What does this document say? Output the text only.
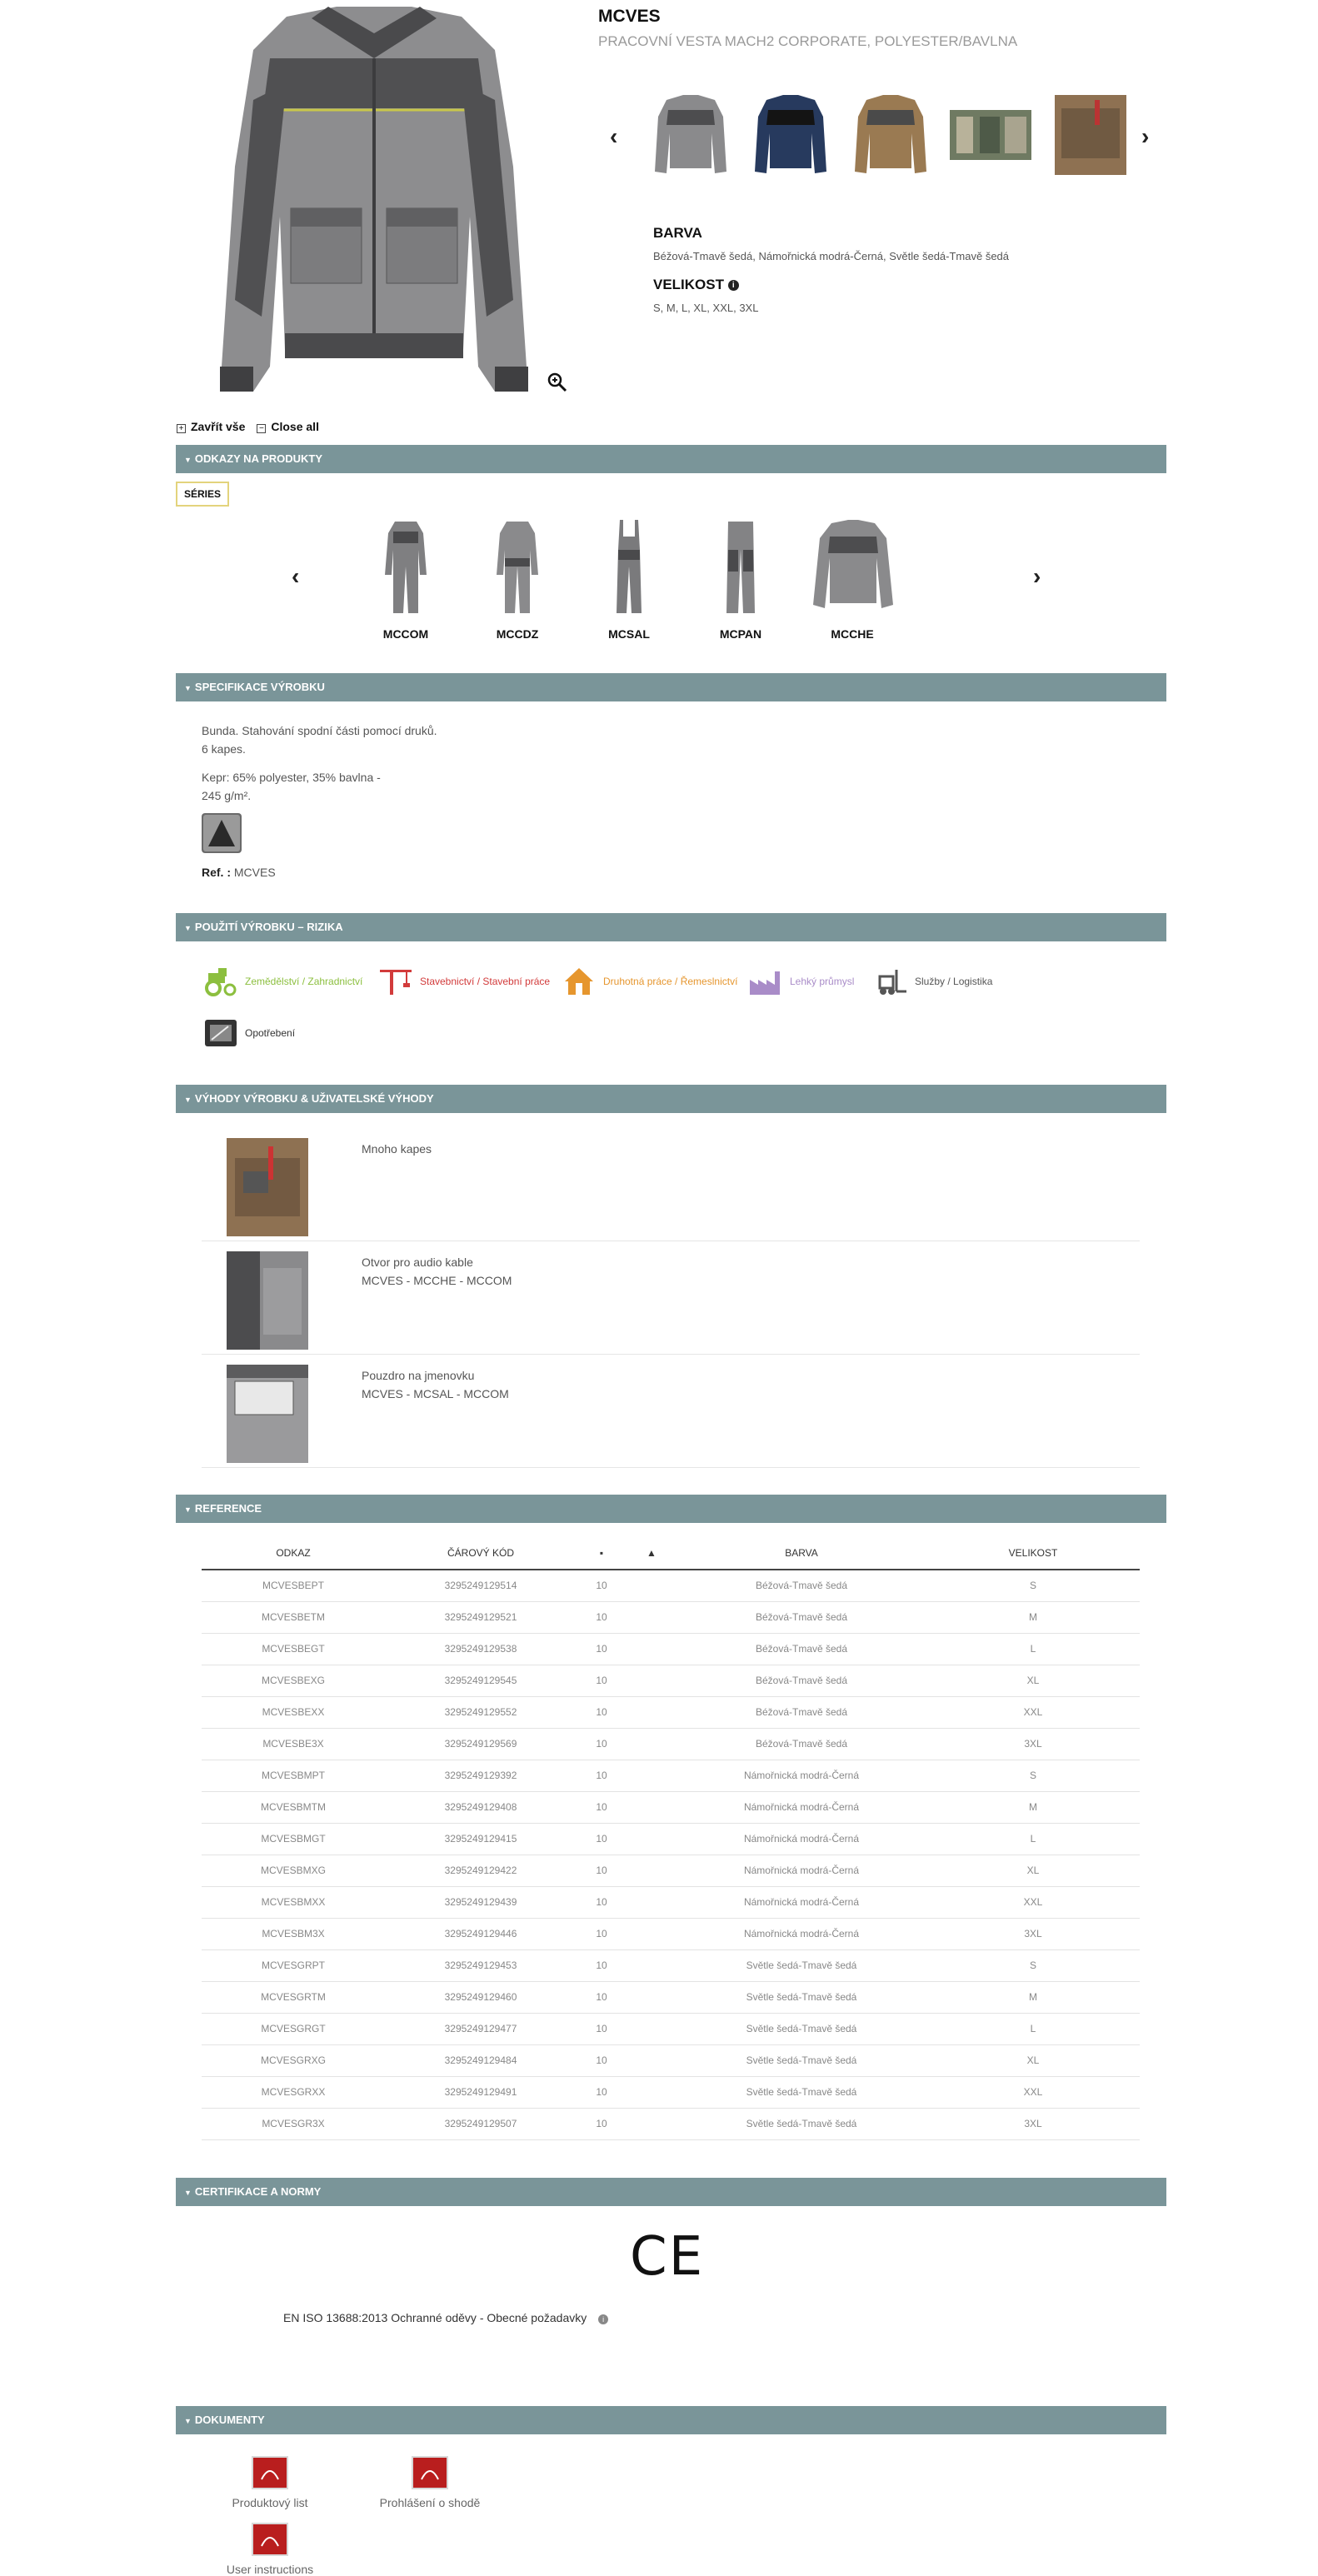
MCVES
PRACOVNÍ VESTA MACH2 CORPORATE, POLYESTER/BAVLNA
‹	›
BARVA
Béžová-Tmavě šedá, Námořnická modrá-Černá, Světle šedá-Tmavě šedá
VELIKOST i
S, M, L, XL, XXL, 3XL
+ Zavřít vše − Close all
▼ ODKAZY NA PRODUKTY
SÉRIES
‹
MCCOM	MCCDZ	MCSAL	MCPAN	MCCHE
›
▼ SPECIFIKACE VÝROBKU
Bunda. Stahování spodní části pomocí druků.
6 kapes.
Kepr: 65% polyester, 35% bavlna -
245 g/m².
Ref. : MCVES
▼ POUŽITÍ VÝROBKU – RIZIKA
Zemědělství / Zahradnictví	Stavebnictví / Stavební práce	Druhotná práce / Řemeslnictví	Lehký průmysl	Služby / Logistika
Opotřebení
▼ VÝHODY VÝROBKU & UŽIVATELSKÉ VÝHODY
Mnoho kapes
Otvor pro audio kable
MCVES - MCCHE - MCCOM
Pouzdro na jmenovku
MCVES - MCSAL - MCCOM
▼ REFERENCE
ODKAZ	ČÁROVÝ KÓD	▪	▲	BARVA	VELIKOST
MCVESBEPT	3295249129514	10		Béžová-Tmavě šedá	S
MCVESBETM	3295249129521	10		Béžová-Tmavě šedá	M
MCVESBEGT	3295249129538	10		Béžová-Tmavě šedá	L
MCVESBEXG	3295249129545	10		Béžová-Tmavě šedá	XL
MCVESBEXX	3295249129552	10		Béžová-Tmavě šedá	XXL
MCVESBE3X	3295249129569	10		Béžová-Tmavě šedá	3XL
MCVESBMPT	3295249129392	10		Námořnická modrá-Černá	S
MCVESBMTM	3295249129408	10		Námořnická modrá-Černá	M
MCVESBMGT	3295249129415	10		Námořnická modrá-Černá	L
MCVESBMXG	3295249129422	10		Námořnická modrá-Černá	XL
MCVESBMXX	3295249129439	10		Námořnická modrá-Černá	XXL
MCVESBM3X	3295249129446	10		Námořnická modrá-Černá	3XL
MCVESGRPT	3295249129453	10		Světle šedá-Tmavě šedá	S
MCVESGRTM	3295249129460	10		Světle šedá-Tmavě šedá	M
MCVESGRGT	3295249129477	10		Světle šedá-Tmavě šedá	L
MCVESGRXG	3295249129484	10		Světle šedá-Tmavě šedá	XL
MCVESGRXX	3295249129491	10		Světle šedá-Tmavě šedá	XXL
MCVESGR3X	3295249129507	10		Světle šedá-Tmavě šedá	3XL
▼ CERTIFIKACE A NORMY
CE
EN ISO 13688:2013 Ochranné oděvy - Obecné požadavky i
▼ DOKUMENTY
Produktový list	Prohlášení o shodě
User instructions
